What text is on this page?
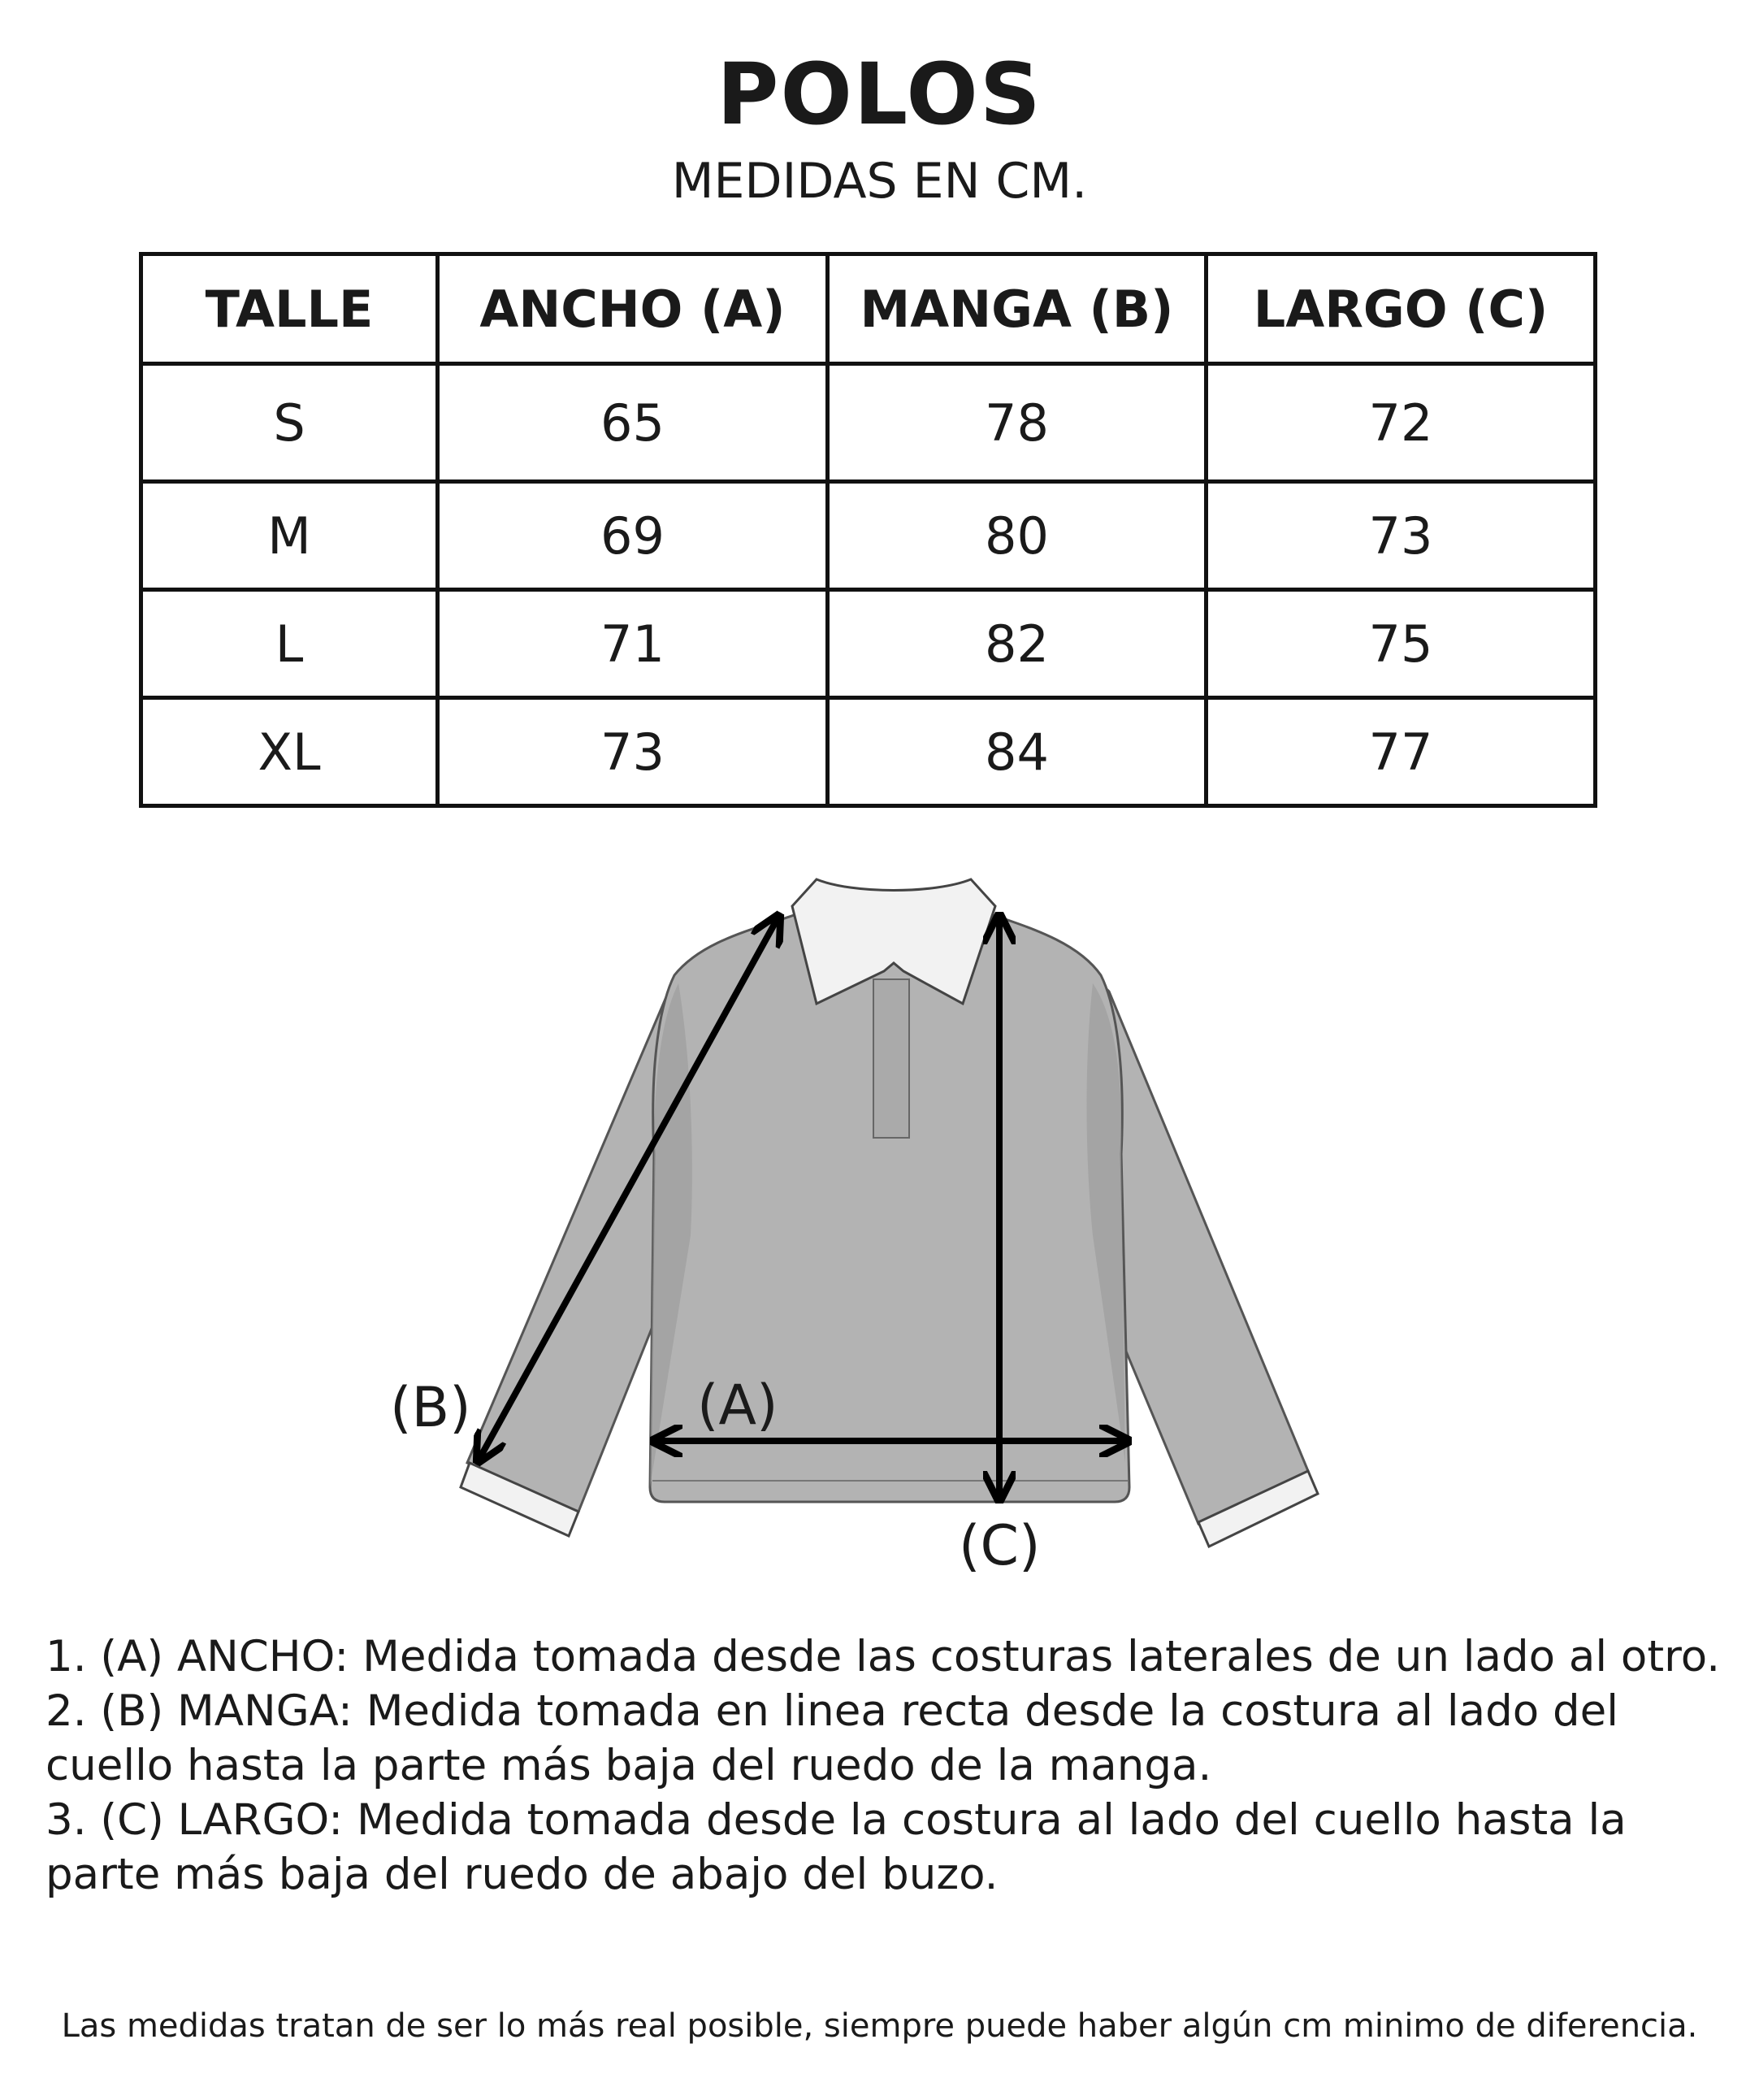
POLOS

MEDIDAS EN CM.

TALLE	ANCHO (A)	MANGA (B)	LARGO (C)
S	65	78	72
M	69	80	73
L	71	82	75
XL	73	84	77
(B)	(A)
(C)

1. (A) ANCHO: Medida tomada desde las costuras laterales de un lado al otro.

2. (B) MANGA: Medida tomada en linea recta desde la costura al lado del cuello hasta la parte más baja del ruedo de la manga.

3. (C) LARGO: Medida tomada desde la costura al lado del cuello hasta la parte más baja del ruedo de abajo del buzo.

Las medidas tratan de ser lo más real posible, siempre puede haber algún cm minimo de diferencia.
